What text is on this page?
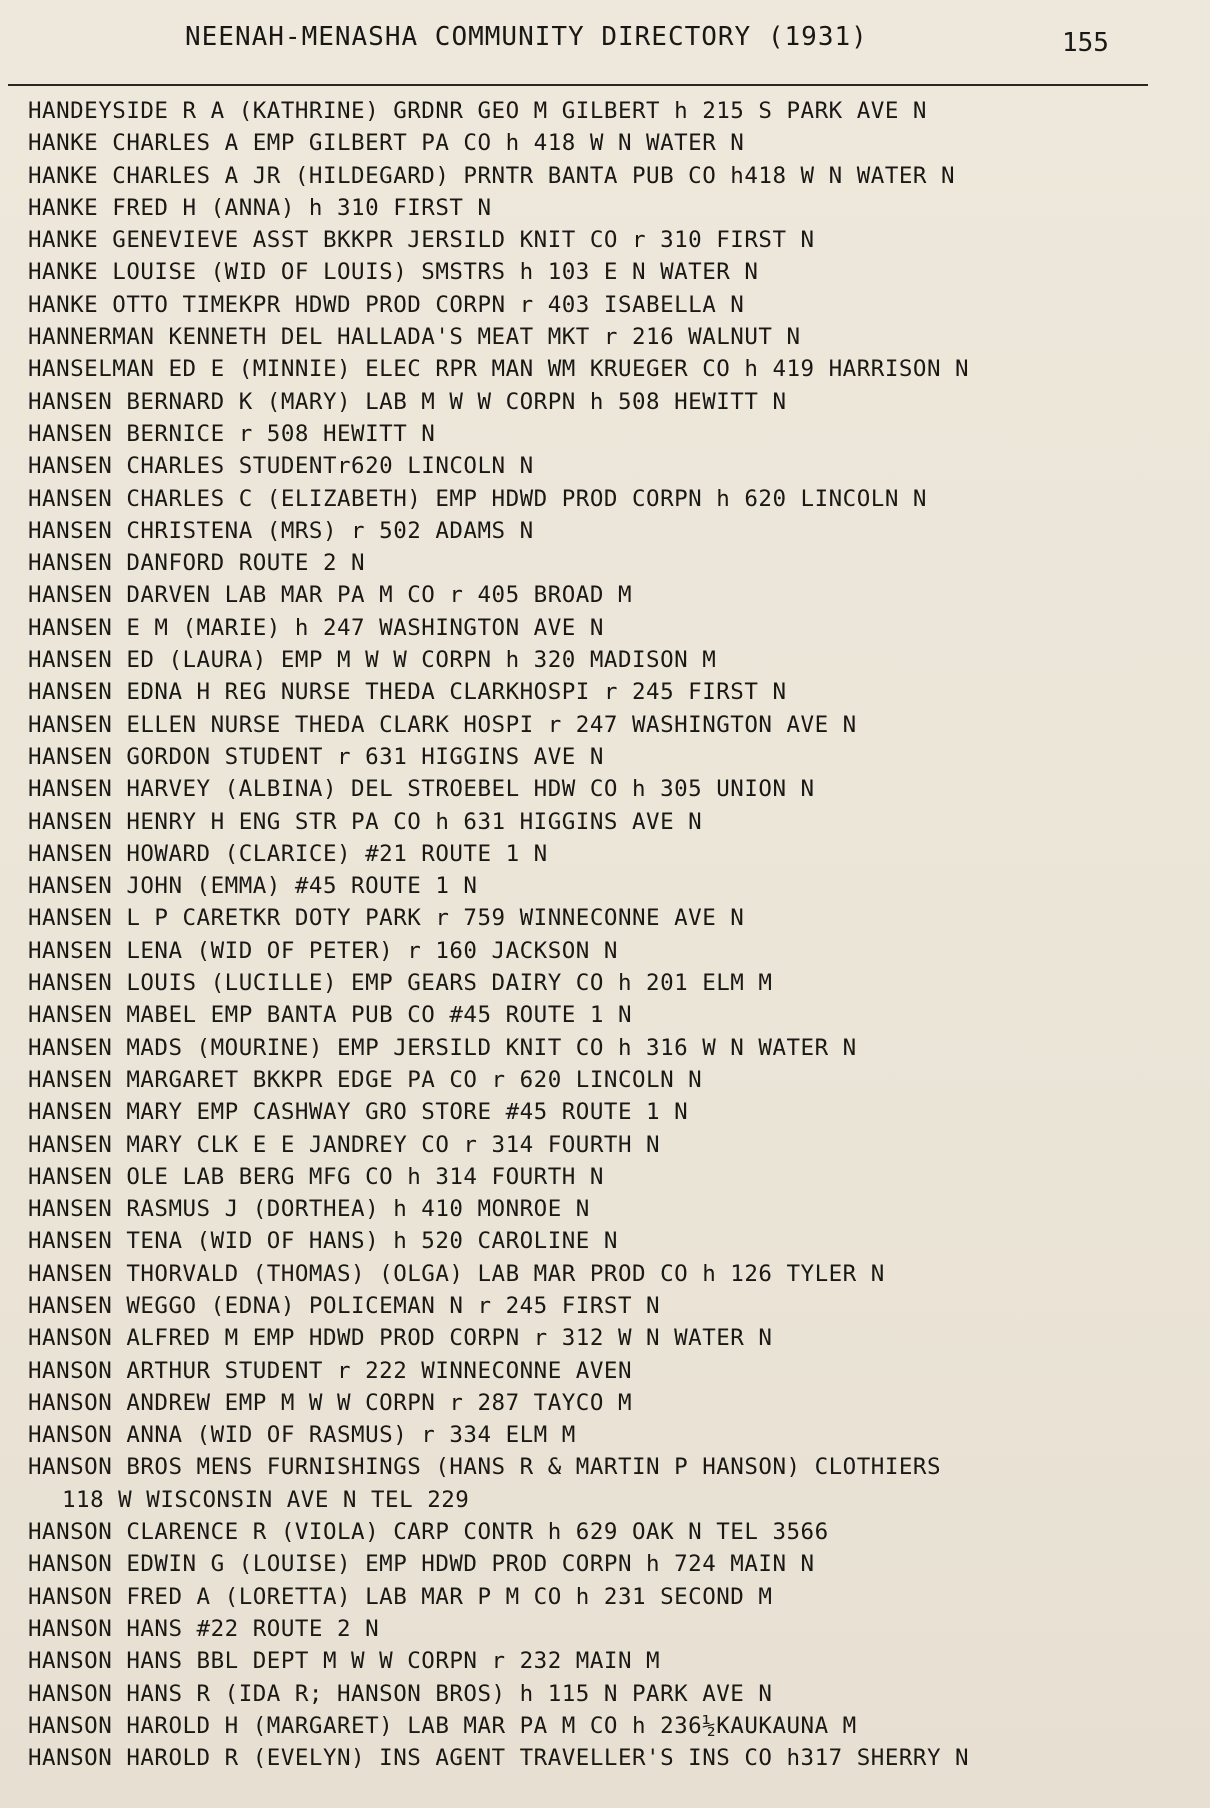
NEENAH-MENASHA COMMUNITY DIRECTORY (1931)	155
HANDEYSIDE R A (KATHRINE) GRDNR GEO M GILBERT h 215 S PARK AVE N
HANKE CHARLES A EMP GILBERT PA CO h 418 W N WATER N
HANKE CHARLES A JR (HILDEGARD) PRNTR BANTA PUB CO h418 W N WATER N
HANKE FRED H (ANNA) h 310 FIRST N
HANKE GENEVIEVE ASST BKKPR JERSILD KNIT CO r 310 FIRST N
HANKE LOUISE (WID OF LOUIS) SMSTRS h 103 E N WATER N
HANKE OTTO TIMEKPR HDWD PROD CORPN r 403 ISABELLA N
HANNERMAN KENNETH DEL HALLADA'S MEAT MKT r 216 WALNUT N
HANSELMAN ED E (MINNIE) ELEC RPR MAN WM KRUEGER CO h 419 HARRISON N
HANSEN BERNARD K (MARY) LAB M W W CORPN h 508 HEWITT N
HANSEN BERNICE r 508 HEWITT N
HANSEN CHARLES STUDENTr620 LINCOLN N
HANSEN CHARLES C (ELIZABETH) EMP HDWD PROD CORPN h 620 LINCOLN N
HANSEN CHRISTENA (MRS) r 502 ADAMS N
HANSEN DANFORD ROUTE 2 N
HANSEN DARVEN LAB MAR PA M CO r 405 BROAD M
HANSEN E M (MARIE) h 247 WASHINGTON AVE N
HANSEN ED (LAURA) EMP M W W CORPN h 320 MADISON M
HANSEN EDNA H REG NURSE THEDA CLARKHOSPI r 245 FIRST N
HANSEN ELLEN NURSE THEDA CLARK HOSPI r 247 WASHINGTON AVE N
HANSEN GORDON STUDENT r 631 HIGGINS AVE N
HANSEN HARVEY (ALBINA) DEL STROEBEL HDW CO h 305 UNION N
HANSEN HENRY H ENG STR PA CO h 631 HIGGINS AVE N
HANSEN HOWARD (CLARICE) #21 ROUTE 1 N
HANSEN JOHN (EMMA) #45 ROUTE 1 N
HANSEN L P CARETKR DOTY PARK r 759 WINNECONNE AVE N
HANSEN LENA (WID OF PETER) r 160 JACKSON N
HANSEN LOUIS (LUCILLE) EMP GEARS DAIRY CO h 201 ELM M
HANSEN MABEL EMP BANTA PUB CO #45 ROUTE 1 N
HANSEN MADS (MOURINE) EMP JERSILD KNIT CO h 316 W N WATER N
HANSEN MARGARET BKKPR EDGE PA CO r 620 LINCOLN N
HANSEN MARY EMP CASHWAY GRO STORE #45 ROUTE 1 N
HANSEN MARY CLK E E JANDREY CO r 314 FOURTH N
HANSEN OLE LAB BERG MFG CO h 314 FOURTH N
HANSEN RASMUS J (DORTHEA) h 410 MONROE N
HANSEN TENA (WID OF HANS) h 520 CAROLINE N
HANSEN THORVALD (THOMAS) (OLGA) LAB MAR PROD CO h 126 TYLER N
HANSEN WEGGO (EDNA) POLICEMAN N r 245 FIRST N
HANSON ALFRED M EMP HDWD PROD CORPN r 312 W N WATER N
HANSON ARTHUR STUDENT r 222 WINNECONNE AVEN
HANSON ANDREW EMP M W W CORPN r 287 TAYCO M
HANSON ANNA (WID OF RASMUS) r 334 ELM M
HANSON BROS MENS FURNISHINGS (HANS R & MARTIN P HANSON) CLOTHIERS
118 W WISCONSIN AVE N TEL 229
HANSON CLARENCE R (VIOLA) CARP CONTR h 629 OAK N TEL 3566
HANSON EDWIN G (LOUISE) EMP HDWD PROD CORPN h 724 MAIN N
HANSON FRED A (LORETTA) LAB MAR P M CO h 231 SECOND M
HANSON HANS #22 ROUTE 2 N
HANSON HANS BBL DEPT M W W CORPN r 232 MAIN M
HANSON HANS R (IDA R; HANSON BROS) h 115 N PARK AVE N
HANSON HAROLD H (MARGARET) LAB MAR PA M CO h 236½KAUKAUNA M
HANSON HAROLD R (EVELYN) INS AGENT TRAVELLER'S INS CO h317 SHERRY N
